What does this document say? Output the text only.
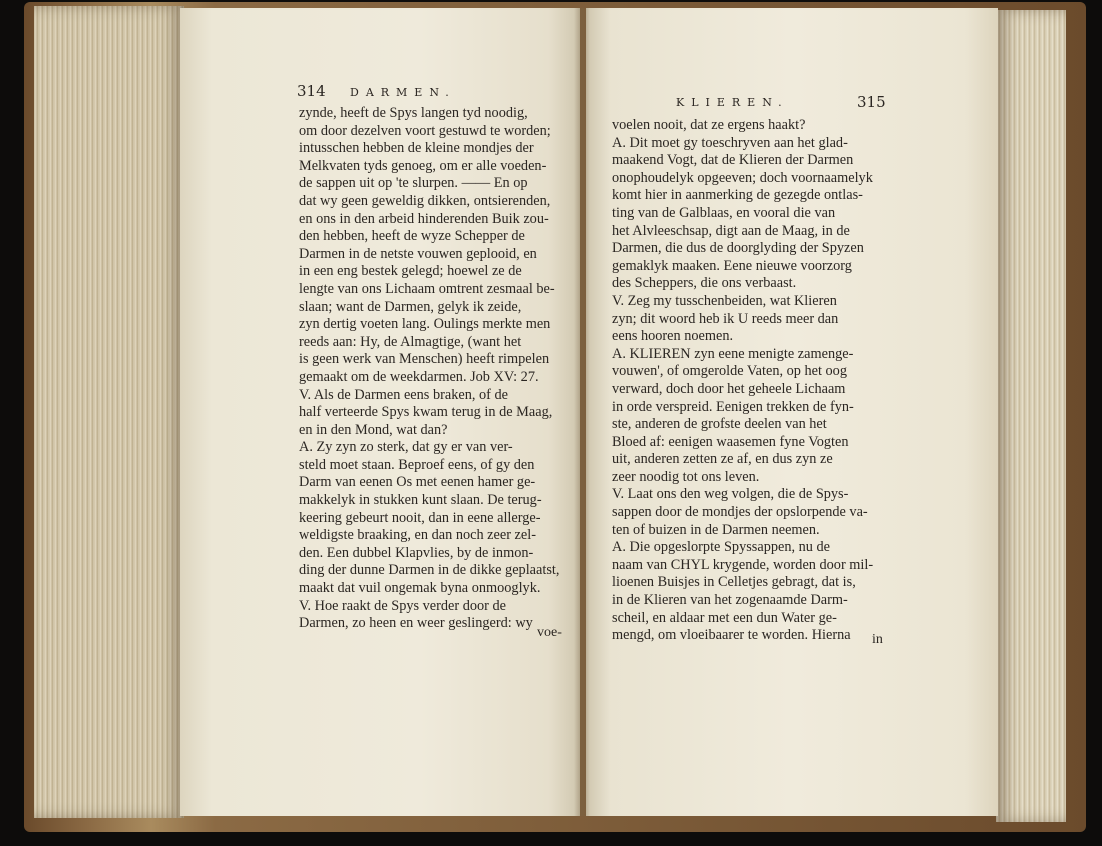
314 DARMEN.
zynde, heeft de Spys langen tyd noodig,
om door dezelven voort gestuwd te worden;
intusschen hebben de kleine mondjes der
Melkvaten tyds genoeg, om er alle voeden-
de sappen uit op 'te slurpen. —— En op
dat wy geen geweldig dikken, ontsierenden,
en ons in den arbeid hinderenden Buik zou-
den hebben, heeft de wyze Schepper de
Darmen in de netste vouwen geplooid, en
in een eng bestek gelegd; hoewel ze de
lengte van ons Lichaam omtrent zesmaal be-
slaan; want de Darmen, gelyk ik zeide,
zyn dertig voeten lang. Oulings merkte men
reeds aan: Hy, de Almagtige, (want het
is geen werk van Menschen) heeft rimpelen
gemaakt om de weekdarmen. Job XV: 27.
V. Als de Darmen eens braken, of de
half verteerde Spys kwam terug in de Maag,
en in den Mond, wat dan?
A. Zy zyn zo sterk, dat gy er van ver-
steld moet staan. Beproef eens, of gy den
Darm van eenen Os met eenen hamer ge-
makkelyk in stukken kunt slaan. De terug-
keering gebeurt nooit, dan in eene allerge-
weldigste braaking, en dan noch zeer zel-
den. Een dubbel Klapvlies, by de inmon-
ding der dunne Darmen in de dikke geplaatst,
maakt dat vuil ongemak byna onmooglyk.
V. Hoe raakt de Spys verder door de
Darmen, zo heen en weer geslingerd: wy
voe-
KLIEREN.	315
voelen nooit, dat ze ergens haakt?
A. Dit moet gy toeschryven aan het glad-
maakend Vogt, dat de Klieren der Darmen
onophoudelyk opgeeven; doch voornaamelyk
komt hier in aanmerking de gezegde ontlas-
ting van de Galblaas, en vooral die van
het Alvleeschsap, digt aan de Maag, in de
Darmen, die dus de doorglyding der Spyzen
gemaklyk maaken. Eene nieuwe voorzorg
des Scheppers, die ons verbaast.
V. Zeg my tusschenbeiden, wat Klieren
zyn; dit woord heb ik U reeds meer dan
eens hooren noemen.
A. KLIEREN zyn eene menigte zamenge-
vouwen', of omgerolde Vaten, op het oog
verward, doch door het geheele Lichaam
in orde verspreid. Eenigen trekken de fyn-
ste, anderen de grofste deelen van het
Bloed af: eenigen waasemen fyne Vogten
uit, anderen zetten ze af, en dus zyn ze
zeer noodig tot ons leven.
V. Laat ons den weg volgen, die de Spys-
sappen door de mondjes der opslorpende va-
ten of buizen in de Darmen neemen.
A. Die opgeslorpte Spyssappen, nu de
naam van CHYL krygende, worden door mil-
lioenen Buisjes in Celletjes gebragt, dat is,
in de Klieren van het zogenaamde Darm-
scheil, en aldaar met een dun Water ge-
mengd, om vloeibaarer te worden. Hierna	in
